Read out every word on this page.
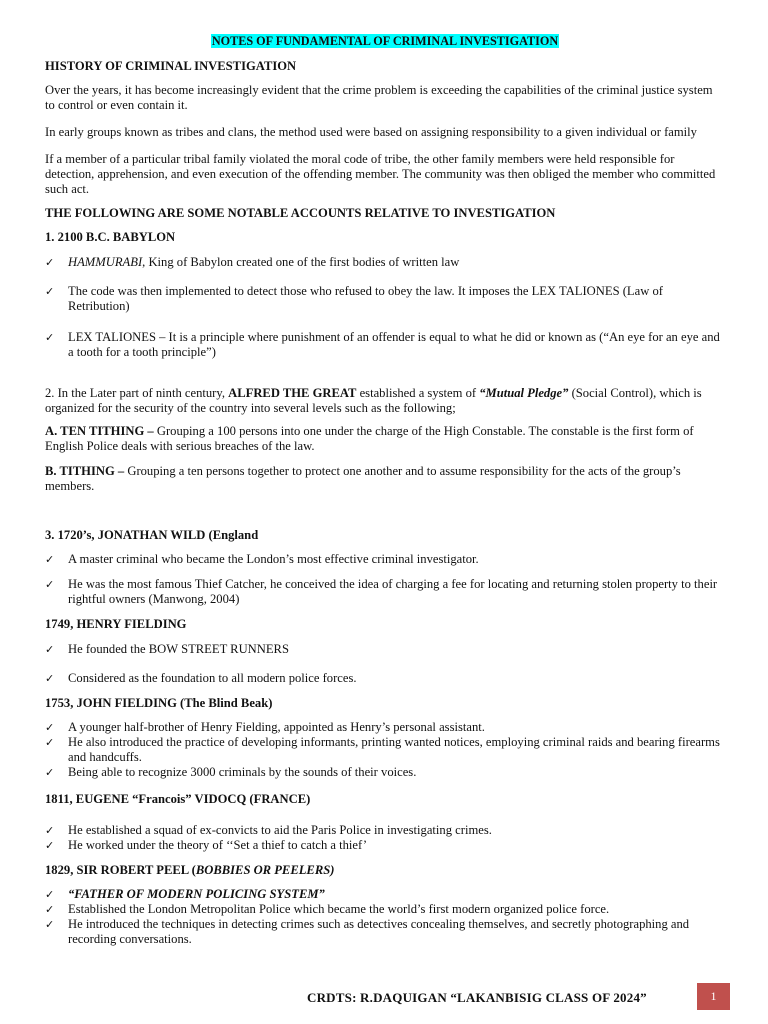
NOTES OF FUNDAMENTAL OF CRIMINAL INVESTIGATION

HISTORY OF CRIMINAL INVESTIGATION

Over the years, it has become increasingly evident that the crime problem is exceeding the capabilities of the criminal justice system to control or even contain it.

In early groups known as tribes and clans, the method used were based on assigning responsibility to a given individual or family

If a member of a particular tribal family violated the moral code of tribe, the other family members were held responsible for detection, apprehension, and even execution of the offending member. The community was then obliged the member who committed such act.

THE FOLLOWING ARE SOME NOTABLE ACCOUNTS RELATIVE TO INVESTIGATION

1. 2100 B.C. BABYLON

✓ HAMMURABI, King of Babylon created one of the first bodies of written law
✓ The code was then implemented to detect those who refused to obey the law. It imposes the LEX TALIONES (Law of Retribution)
✓ LEX TALIONES – It is a principle where punishment of an offender is equal to what he did or known as (“An eye for an eye and a tooth for a tooth principle”)

2. In the Later part of ninth century, ALFRED THE GREAT established a system of “Mutual Pledge” (Social Control), which is organized for the security of the country into several levels such as the following;

A. TEN TITHING – Grouping a 100 persons into one under the charge of the High Constable. The constable is the first form of English Police deals with serious breaches of the law.

B. TITHING – Grouping a ten persons together to protect one another and to assume responsibility for the acts of the group’s members.

3. 1720’s, JONATHAN WILD (England

✓ A master criminal who became the London’s most effective criminal investigator.
✓ He was the most famous Thief Catcher, he conceived the idea of charging a fee for locating and returning stolen property to their rightful owners (Manwong, 2004)

1749, HENRY FIELDING

✓ He founded the BOW STREET RUNNERS
✓ Considered as the foundation to all modern police forces.

1753, JOHN FIELDING (The Blind Beak)

✓ A younger half-brother of Henry Fielding, appointed as Henry’s personal assistant.
✓ He also introduced the practice of developing informants, printing wanted notices, employing criminal raids and bearing firearms and handcuffs.
✓ Being able to recognize 3000 criminals by the sounds of their voices.

1811, EUGENE “Francois” VIDOCQ (FRANCE)

✓ He established a squad of ex-convicts to aid the Paris Police in investigating crimes.
✓ He worked under the theory of ‘‘Set a thief to catch a thief’

1829, SIR ROBERT PEEL (BOBBIES OR PEELERS)

✓ “FATHER OF MODERN POLICING SYSTEM”
✓ Established the London Metropolitan Police which became the world’s first modern organized police force.
✓ He introduced the techniques in detecting crimes such as detectives concealing themselves, and secretly photographing and recording conversations.
CRDTS: R.DAQUIGAN “LAKANBISIG CLASS OF 2024”	1
